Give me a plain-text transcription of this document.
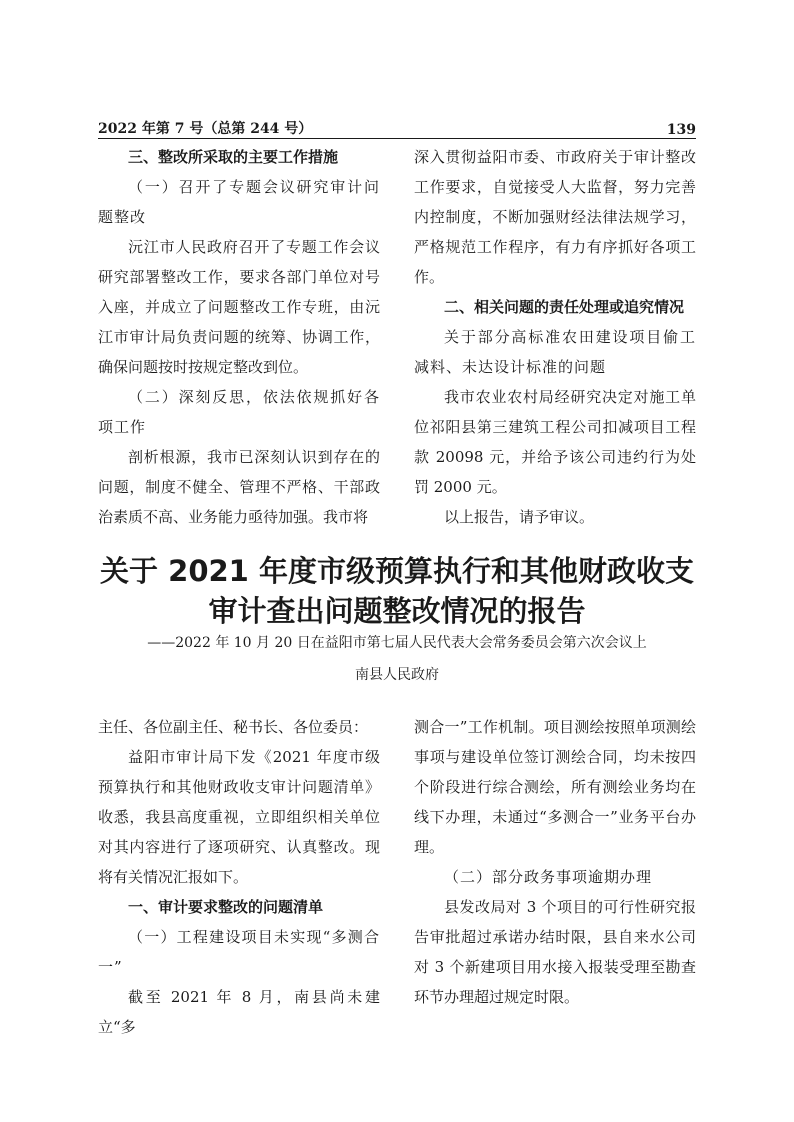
2022 年第 7 号（总第 244 号）	139

三、整改所采取的主要工作措施

（一）召开了专题会议研究审计问题整改

沅江市人民政府召开了专题工作会议研究部署整改工作，要求各部门单位对号入座，并成立了问题整改工作专班，由沅江市审计局负责问题的统筹、协调工作，确保问题按时按规定整改到位。

（二）深刻反思，依法依规抓好各项工作

剖析根源，我市已深刻认识到存在的问题，制度不健全、管理不严格、干部政治素质不高、业务能力亟待加强。我市将

深入贯彻益阳市委、市政府关于审计整改工作要求，自觉接受人大监督，努力完善内控制度，不断加强财经法律法规学习，严格规范工作程序，有力有序抓好各项工作。

二、相关问题的责任处理或追究情况

关于部分高标准农田建设项目偷工减料、未达设计标准的问题

我市农业农村局经研究决定对施工单位祁阳县第三建筑工程公司扣减项目工程款 20098 元，并给予该公司违约行为处罚 2000 元。

以上报告，请予审议。

关于 2021 年度市级预算执行和其他财政收支
审计查出问题整改情况的报告
——2022 年 10 月 20 日在益阳市第七届人民代表大会常务委员会第六次会议上
南县人民政府

主任、各位副主任、秘书长、各位委员：

益阳市审计局下发《2021 年度市级预算执行和其他财政收支审计问题清单》收悉，我县高度重视，立即组织相关单位对其内容进行了逐项研究、认真整改。现将有关情况汇报如下。

一、审计要求整改的问题清单

（一）工程建设项目未实现“多测合一”

截至 2021 年 8 月，南县尚未建立“多

测合一”工作机制。项目测绘按照单项测绘事项与建设单位签订测绘合同，均未按四个阶段进行综合测绘，所有测绘业务均在线下办理，未通过“多测合一”业务平台办理。

（二）部分政务事项逾期办理

县发改局对 3 个项目的可行性研究报告审批超过承诺办结时限，县自来水公司对 3 个新建项目用水接入报装受理至勘查环节办理超过规定时限。
